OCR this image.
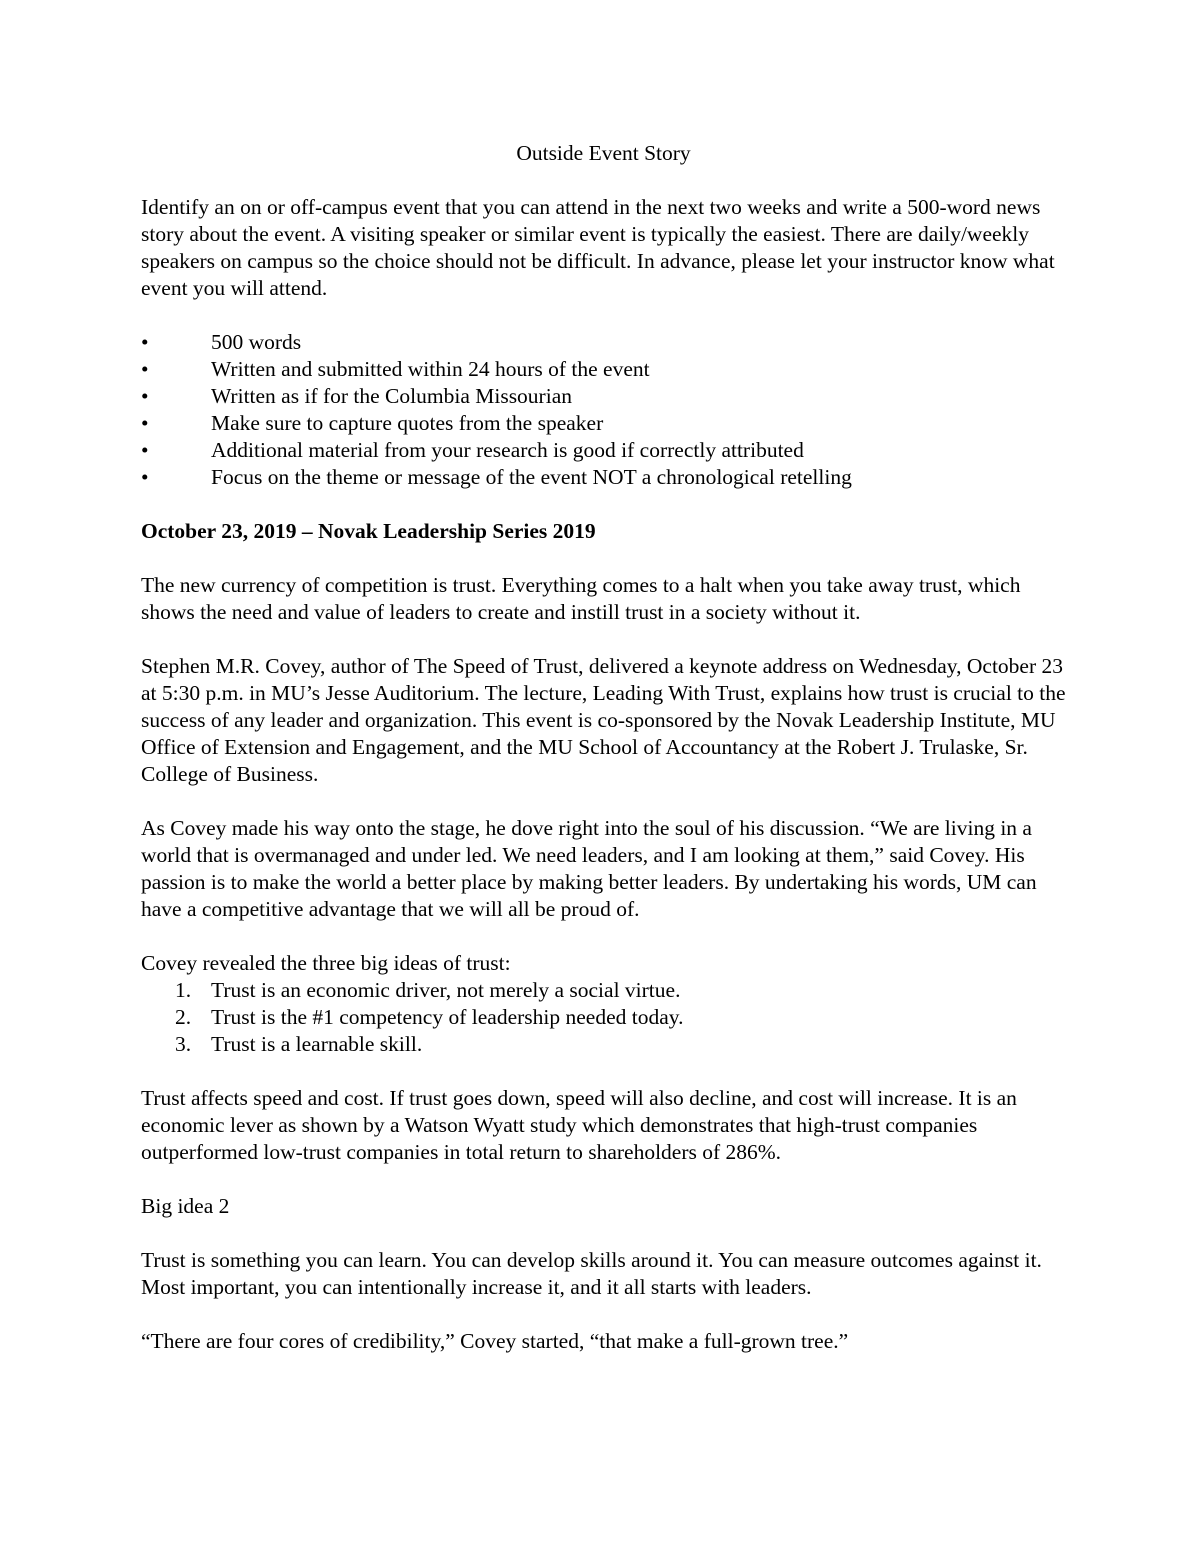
Outside Event Story

Identify an on or off-campus event that you can attend in the next two weeks and write a 500-word news story about the event. A visiting speaker or similar event is typically the easiest. There are daily/weekly speakers on campus so the choice should not be difficult. In advance, please let your instructor know what event you will attend.

•	500 words
•	Written and submitted within 24 hours of the event
•	Written as if for the Columbia Missourian
•	Make sure to capture quotes from the speaker
•	Additional material from your research is good if correctly attributed
•	Focus on the theme or message of the event NOT a chronological retelling
October 23, 2019 – Novak Leadership Series 2019

The new currency of competition is trust. Everything comes to a halt when you take away trust, which shows the need and value of leaders to create and instill trust in a society without it.

Stephen M.R. Covey, author of The Speed of Trust, delivered a keynote address on Wednesday, October 23 at 5:30 p.m. in MU’s Jesse Auditorium. The lecture, Leading With Trust, explains how trust is crucial to the success of any leader and organization. This event is co-sponsored by the Novak Leadership Institute, MU Office of Extension and Engagement, and the MU School of Accountancy at the Robert J. Trulaske, Sr. College of Business.

As Covey made his way onto the stage, he dove right into the soul of his discussion. “We are living in a world that is overmanaged and under led. We need leaders, and I am looking at them,” said Covey. His passion is to make the world a better place by making better leaders. By undertaking his words, UM can have a competitive advantage that we will all be proud of.

Covey revealed the three big ideas of trust:

1. Trust is an economic driver, not merely a social virtue.
2. Trust is the #1 competency of leadership needed today.
3. Trust is a learnable skill.

Trust affects speed and cost. If trust goes down, speed will also decline, and cost will increase. It is an economic lever as shown by a Watson Wyatt study which demonstrates that high-trust companies outperformed low-trust companies in total return to shareholders of 286%.

Big idea 2

Trust is something you can learn. You can develop skills around it. You can measure outcomes against it. Most important, you can intentionally increase it, and it all starts with leaders.

“There are four cores of credibility,” Covey started, “that make a full-grown tree.”
